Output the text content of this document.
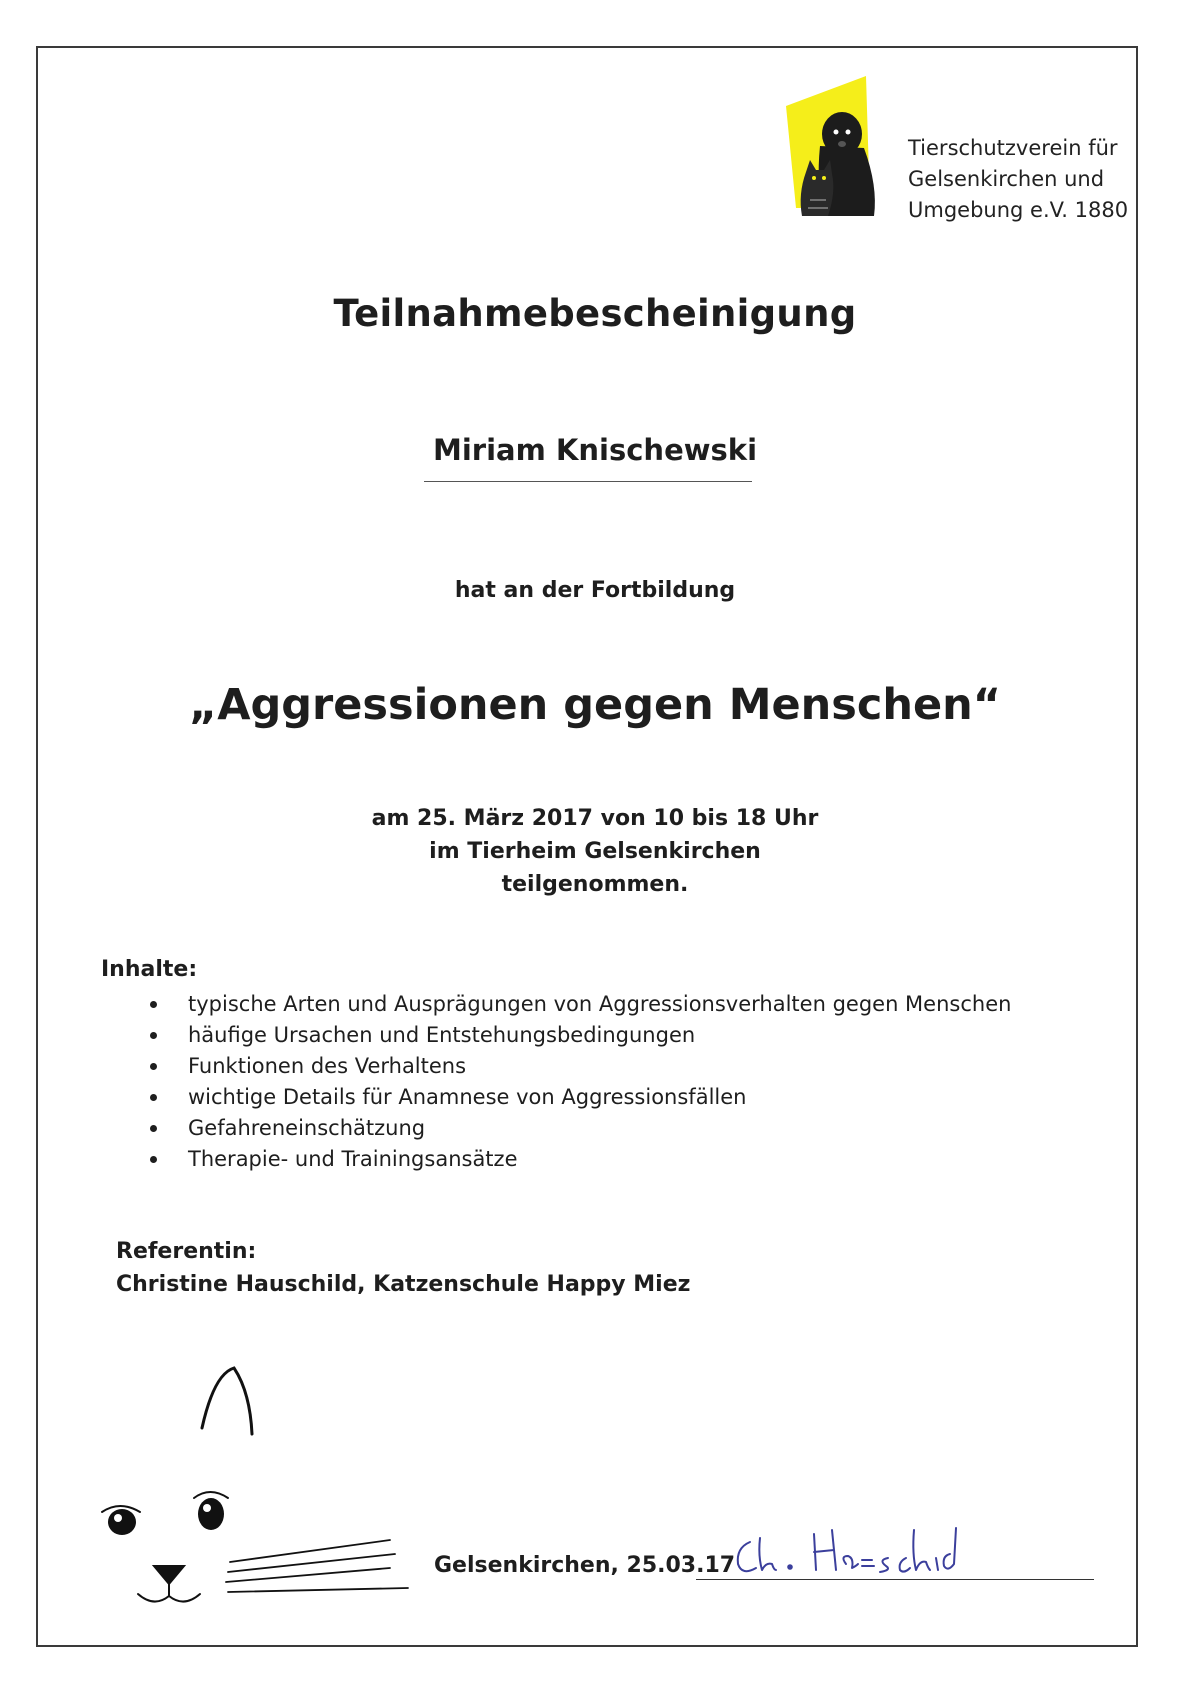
Tierschutzverein für
Gelsenkirchen und
Umgebung e.V. 1880
Teilnahmebescheinigung
Miriam Knischewski
hat an der Fortbildung
„Aggressionen gegen Menschen“
am 25. März 2017 von 10 bis 18 Uhr
im Tierheim Gelsenkirchen
teilgenommen.
Inhalte:
typische Arten und Ausprägungen von Aggressionsverhalten gegen Menschen
häufige Ursachen und Entstehungsbedingungen
Funktionen des Verhaltens
wichtige Details für Anamnese von Aggressionsfällen
Gefahreneinschätzung
Therapie- und Trainingsansätze
Referentin:
Christine Hauschild, Katzenschule Happy Miez
Gelsenkirchen, 25.03.17
